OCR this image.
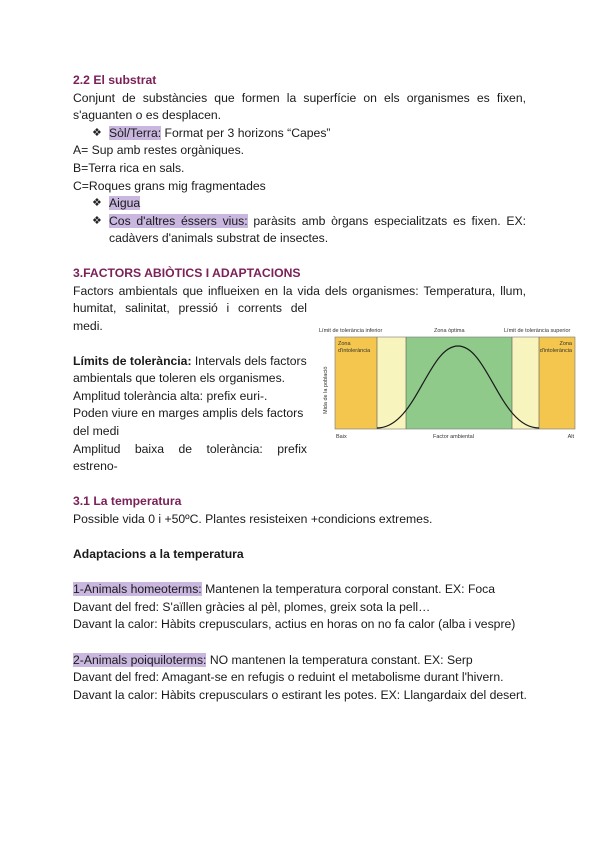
2.2 El substrat
Conjunt de substàncies que formen la superfície on els organismes es fixen,
s'aguanten o es desplacen.
❖ Sòl/Terra: Format per 3 horizons “Capes”
A= Sup amb restes orgàniques.
B=Terra rica en sals.
C=Roques grans mig fragmentades
❖ Aigua
❖ Cos d'altres éssers vius: paràsits amb òrgans especialitzats es fixen. EX:
cadàvers d'animals substrat de insectes.
3.FACTORS ABIÒTICS I ADAPTACIONS
Factors ambientals que influeixen en la vida dels organismes: Temperatura, llum,
humitat, salinitat, pressió i corrents del
medi.
Límits de tolerància: Intervals dels factors
ambientals que toleren els organismes.
Amplitud tolerància alta: prefix euri-.
Poden viure en marges amplis dels factors
del medi
Amplitud baixa de tolerància: prefix
estreno-
Límit de tolerància inferior	Zona òptima	Límit de tolerància superior
Zona
d'intolerància
Zona
d'intolerància
Mida de la població
Baix	Factor ambiental	Alt
3.1 La temperatura
Possible vida 0 i +50ºC. Plantes resisteixen +condicions extremes.
Adaptacions a la temperatura
1-Animals homeoterms: Mantenen la temperatura corporal constant. EX: Foca
Davant del fred: S'aïllen gràcies al pèl, plomes, greix sota la pell…
Davant la calor: Hàbits crepusculars, actius en horas on no fa calor (alba i vespre)
2-Animals poiquiloterms: NO mantenen la temperatura constant. EX: Serp
Davant del fred: Amagant-se en refugis o reduint el metabolisme durant l'hivern.
Davant la calor: Hàbits crepusculars o estirant les potes. EX: Llangardaix del desert.
